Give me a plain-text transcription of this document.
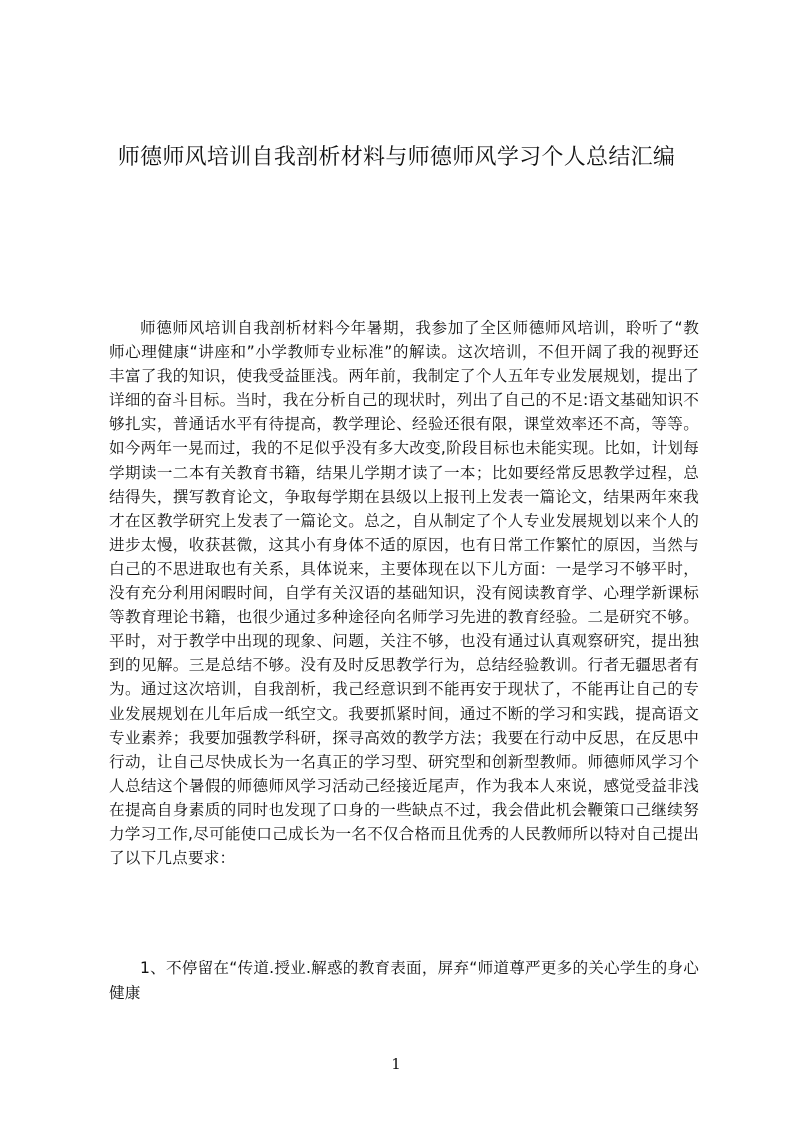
师德师风培训自我剖析材料与师德师风学习个人总结汇编

师德师风培训自我剖析材料今年暑期，我参加了全区师德师风培训，聆听了“教师心理健康“讲座和”小学教师专业标准”的解读。这次培训，不但开阔了我的视野还丰富了我的知识，使我受益匪浅。两年前，我制定了个人五年专业发展规划，提出了详细的奋斗目标。当时，我在分析自己的现状时，列出了自己的不足:语文基础知识不够扎实，普通话水平有待提高，教学理论、经验还很有限，课堂效率还不高，等等。如今两年一晃而过，我的不足似乎没有多大改变,阶段目标也未能实现。比如，计划每学期读一二本有关教育书籍，结果儿学期才读了一本；比如要经常反思教学过程，总结得失，撰写教育论文，争取每学期在县级以上报刊上发表一篇论文，结果两年來我才在区教学研究上发表了一篇论文。总之，自从制定了个人专业发展规划以来个人的进步太慢，收获甚微，这其小有身体不适的原因，也有日常工作繁忙的原因，当然与白己的不思进取也有关系，具体说来，主要体现在以下儿方面：一是学习不够平时，没有充分利用闲暇时间，自学有关汉语的基础知识，没有阅读教育学、心理学新课标等教育理论书籍，也很少通过多种途径向名师学习先进的教育经验。二是研究不够。平时，对于教学中出现的现象、问题，关注不够，也没有通过认真观察研究，提出独到的见解。三是总结不够。没有及时反思教学行为，总结经验教训。行者无疆思者有为。通过这次培训，自我剖析，我己经意识到不能再安于现状了，不能再让自己的专业发展规划在儿年后成一纸空文。我要抓紧时间，通过不断的学习和实践，提高语文专业素养；我要加强教学科研，探寻高效的教学方法；我要在行动中反思，在反思中行动，让自己尽快成长为一名真正的学习型、研究型和创新型教师。师德师风学习个人总结这个暑假的师德师风学习活动己经接近尾声，作为我本人來说，感觉受益非浅在提高自身素质的同时也发现了口身的一些缺点不过，我会借此机会鞭策口己继续努力学习工作,尽可能使口己成长为一名不仅合格而且优秀的人民教师所以特对自己提出了以下几点要求：

1、不停留在“传道.授业.解惑的教育表面，屏弃“师道尊严更多的关心学生的身心健康

1
